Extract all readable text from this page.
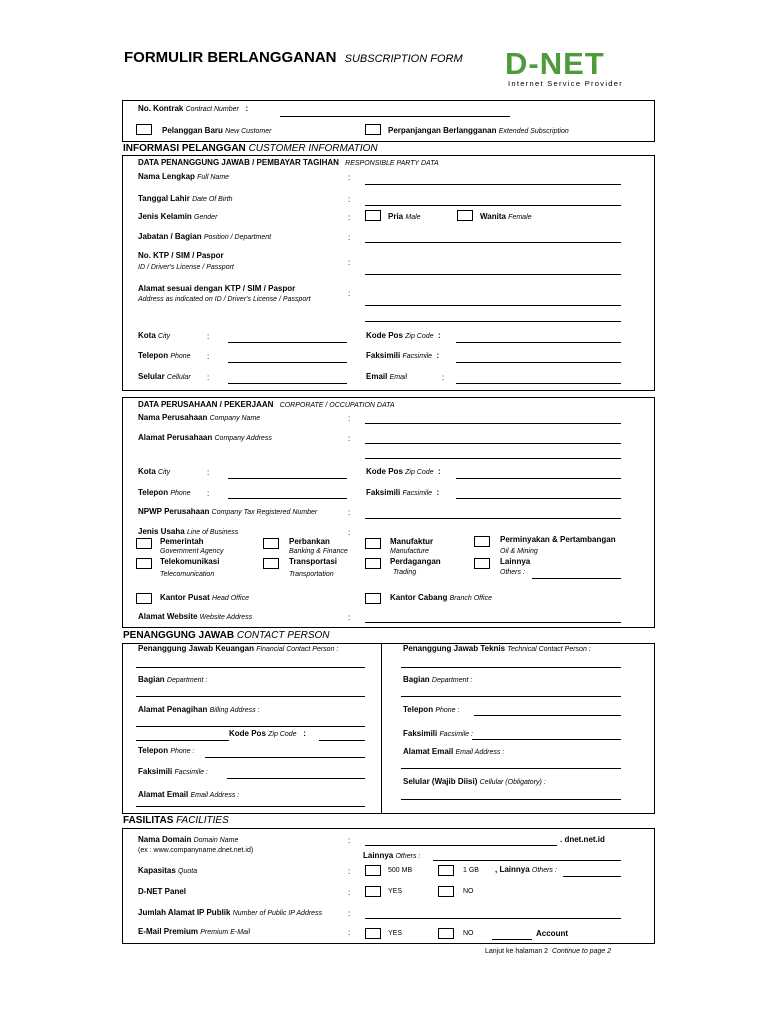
FORMULIR BERLANGGANAN SUBSCRIPTION FORM D-NET
Internet Service Provider
No. Kontrak Contract Number   :
Pelanggan Baru New Customer	Perpanjangan Berlangganan Extended Subscription
INFORMASI PELANGGAN CUSTOMER INFORMATION
DATA PENANGGUNG JAWAB / PEMBAYAR TAGIHAN RESPONSIBLE PARTY DATA
Nama Lengkap Full Name	:
Tanggal Lahir Date Of Birth	:
Jenis Kelamin Gender	:	Pria Male	Wanita Female
Jabatan / Bagian Position / Department	:
No. KTP / SIM / Paspor
ID / Driver's License / Passport
:
Alamat sesuai dengan KTP / SIM / Paspor
Address as indicated on ID / Driver's License / Passport
:
Kota City	:	Kode Pos Zip Code  :
Telepon Phone :	Faksimili Facsimile  :
Selular Cellular :	Email Email	:
DATA PERUSAHAAN / PEKERJAAN CORPORATE / OCCUPATION DATA
Nama Perusahaan Company Name	:
Alamat Perusahaan Company Address	:
Kota City	:	Kode Pos Zip Code  :
Telepon Phone :	Faksimili Facsimile  :
NPWP Perusahaan Company Tax Registered Number	:
Jenis Usaha Line of Business	:
Pemerintah
Government Agency
Perbankan
Banking & Finance
Manufaktur
Manufacture
Perminyakan & Pertambangan
Oil & Mining
Telekomunikasi
Telecomunication
Transportasi
Transportation
Perdagangan
Trading
Lainnya
Others :
Kantor Pusat Head Office	Kantor Cabang Branch Office
Alamat Website Website Address	:
PENANGGUNG JAWAB CONTACT PERSON
Penanggung Jawab Keuangan Financial Contact Person :
Bagian Department :
Alamat Penagihan Billing Address :
Kode Pos Zip Code   :
Telepon Phone :
Faksimili Facsimile :
Alamat Email Email Address :
Penanggung Jawab Teknis Technical Contact Person :
Bagian Department :
Telepon Phone :
Faksimili Facsimile :
Alamat Email Email Address :
Selular (Wajib Diisi) Cellular (Obligatory) :
FASILITAS FACILITIES
Nama Domain Domain Name
(ex : www.companyname.dnet.net.id)
:	. dnet.net.id
Lainnya Others :
Kapasitas Quota	:	500 MB	1 GB , Lainnya Others :
D-NET Panel	:	YES	NO
Jumlah Alamat IP Publik Number of Public IP Address	:
E-Mail Premium Premium E-Mail	:	YES	NO	Account
Lanjut ke halaman 2 Continue to page 2
